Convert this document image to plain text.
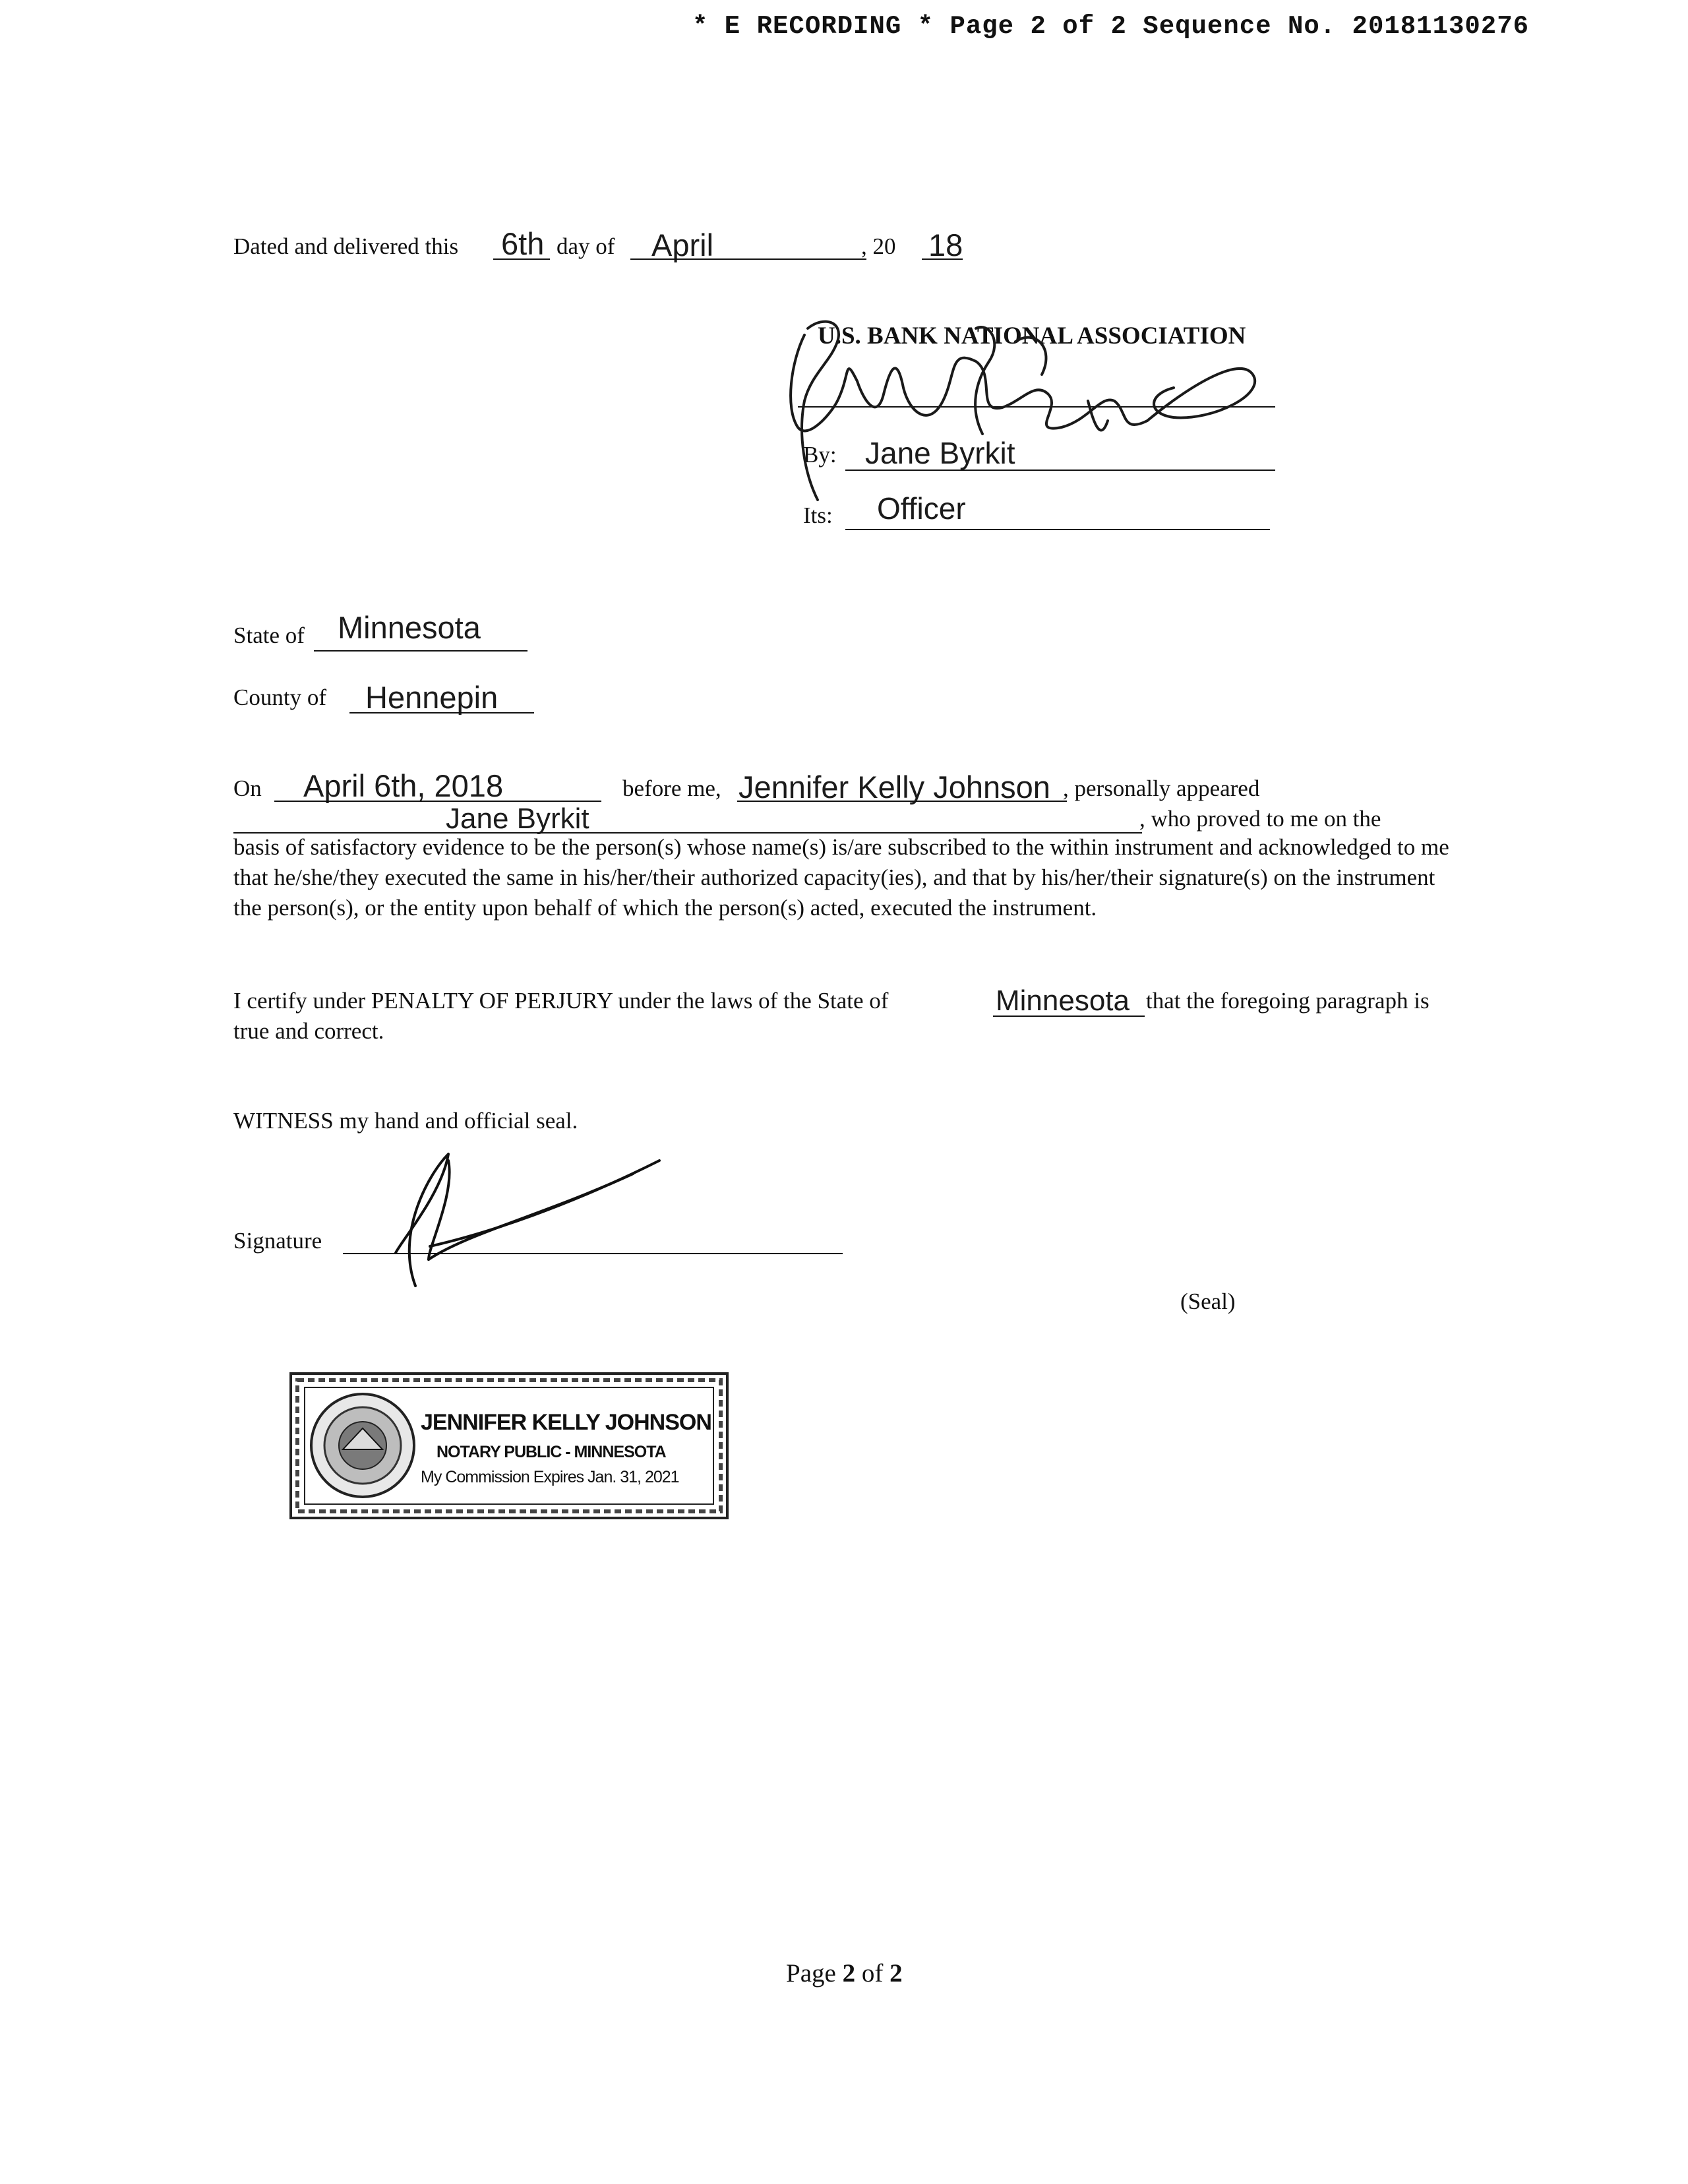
* E RECORDING * Page 2 of 2 Sequence No. 20181130276
Dated and delivered this 6th day of April	, 20 18
U.S. BANK NATIONAL ASSOCIATION
By: Jane Byrkit
Its: Officer
State of Minnesota
County of Hennepin
On April 6th, 2018	before me, Jennifer Kelly Johnson , personally appeared
Jane Byrkit	, who proved to me on the
basis of satisfactory evidence to be the person(s) whose name(s) is/are subscribed to the within instrument and acknowledged to me that he/she/they executed the same in his/her/their authorized capacity(ies), and that by his/her/their signature(s) on the instrument the person(s), or the entity upon behalf of which the person(s) acted, executed the instrument.
I certify under PENALTY OF PERJURY under the laws of the State of	Minnesota that the foregoing paragraph is
true and correct.
WITNESS my hand and official seal.
Signature
(Seal)
JENNIFER KELLY JOHNSON
NOTARY PUBLIC - MINNESOTA
My Commission Expires Jan. 31, 2021
Page 2 of 2
